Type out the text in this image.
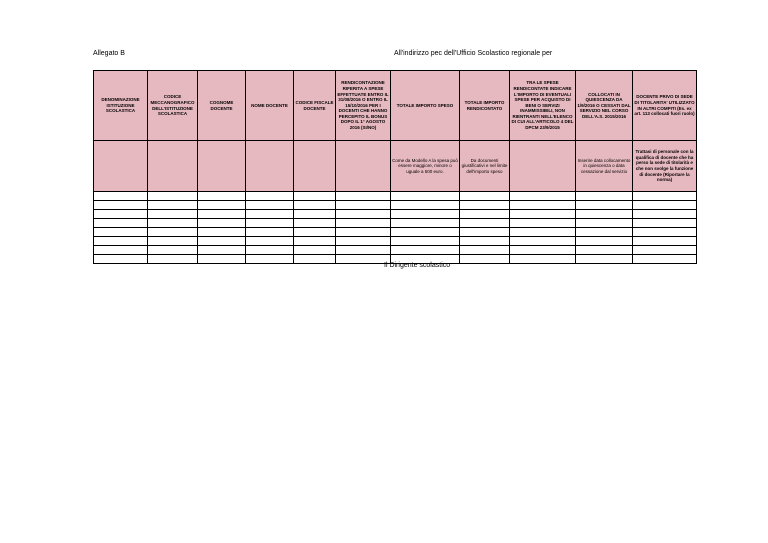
Allegato B	All'indirizzo pec dell'Ufficio Scolastico regionale per
DENOMINAZIONE ISTITUZIONE SCOLASTICA	CODICE MECCANOGRAFICO DELL'ISTITUZIONE SCOLASTICA	COGNOME DOCENTE	NOME DOCENTE	CODICE FISCALE DOCENTE	RENDICONTAZIONE RIFERITA A SPESE EFFETTUATE ENTRO IL 31/08/2016 O ENTRO IL 15/10/2016 PER I DOCENTI CHE HANNO PERCEPITO IL BONUS DOPO IL 1° AGOSTO 2016 (SI/NO)	TOTALE IMPORTO SPESO	TOTALE IMPORTO RENDICONTATO	TRA LE SPESE RENDICONTATE INDICARE L'IMPORTO DI EVENTUALI SPESE PER ACQUISTO DI BENI O SERVIZI INAMMISSIBILI, NON RIENTRANTI NELL'ELENCO DI CUI ALL'ARTICOLO 4 DEL DPCM 23/9/2015	COLLOCATI IN QUIESCENZA DA 1/9/2016 O CESSATI DAL SERVIZIO NEL CORSO DELL'A.S. 2015/2016	DOCENTE PRIVO DI SEDE DI TITOLARITA' UTILIZZATO IN ALTRI COMPITI (Es. ex art. 113 collocati fuori ruolo)

						Come da Modello A la spesa può essere maggiore, minore o uguale a 500 euro.	Da documenti giustificativi e nel limite dell'importo speso		Inserire data collocamento in quiescenza o data cessazione dal servizio	Trattasi di personale con la qualifica di docente che ha perso la sede di titolarità e che non svolge la funzione di docente (Riportare la norma)

Il Dirigente scolastico
